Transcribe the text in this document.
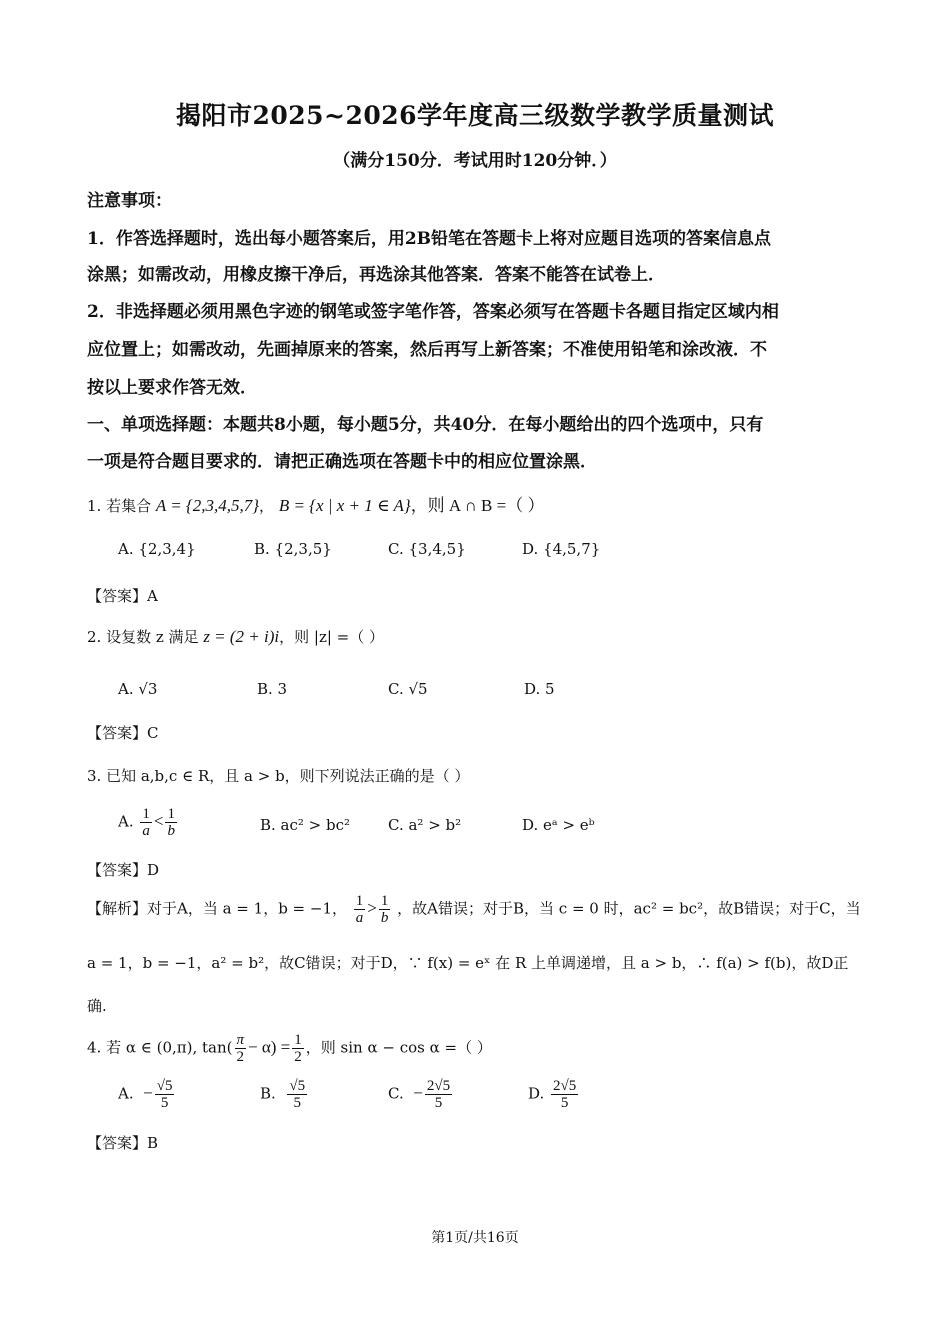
揭阳市2025~2026学年度高三级数学教学质量测试
（满分150分．考试用时120分钟．）
注意事项：
1．作答选择题时，选出每小题答案后，用2B铅笔在答题卡上将对应题目选项的答案信息点
涂黑；如需改动，用橡皮擦干净后，再选涂其他答案．答案不能答在试卷上．
2．非选择题必须用黑色字迹的钢笔或签字笔作答，答案必须写在答题卡各题目指定区域内相
应位置上；如需改动，先画掉原来的答案，然后再写上新答案；不准使用铅笔和涂改液．不
按以上要求作答无效．
一、单项选择题：本题共8小题，每小题5分，共40分．在每小题给出的四个选项中，只有
一项是符合题目要求的．请把正确选项在答题卡中的相应位置涂黑．
1. 若集合 A = {2,3,4,5,7}， B = {x | x + 1 ∈ A}，则 A ∩ B =（ ）
A. {2,3,4}	B. {2,3,5}	C. {3,4,5}	D. {4,5,7}
【答案】A
2. 设复数 z 满足 z = (2 + i)i，则 |z| =（ ）
A. √3	B. 3	C. √5	D. 5
【答案】C
3. 已知 a,b,c ∈ R，且 a > b，则下列说法正确的是（ ）
A. $\frac{1}{a} < \frac{1}{b}$	B. ac² > bc²	C. a² > b²	D. eᵃ > eᵇ
【答案】D
【解析】对于A，当 a = 1，b = −1， $\frac{1}{a} > \frac{1}{b}$ ，故A错误；对于B，当 c = 0 时，ac² = bc²，故B错误；对于C，当
a = 1，b = −1，a² = b²，故C错误；对于D，∵ f(x) = eˣ 在 R 上单调递增，且 a > b，∴ f(a) > f(b)，故D正
确.
4. 若 α ∈ (0,π), $\tan( \frac{\pi}{2} - \alpha) = \frac{1}{2}$ ，则 sin α − cos α =（ ）
A. − $\frac{√5}{5}$	B. $\frac{√5}{5}$	C. − $\frac{2√5}{5}$	D. $\frac{2√5}{5}$
【答案】B
第1页/共16页
